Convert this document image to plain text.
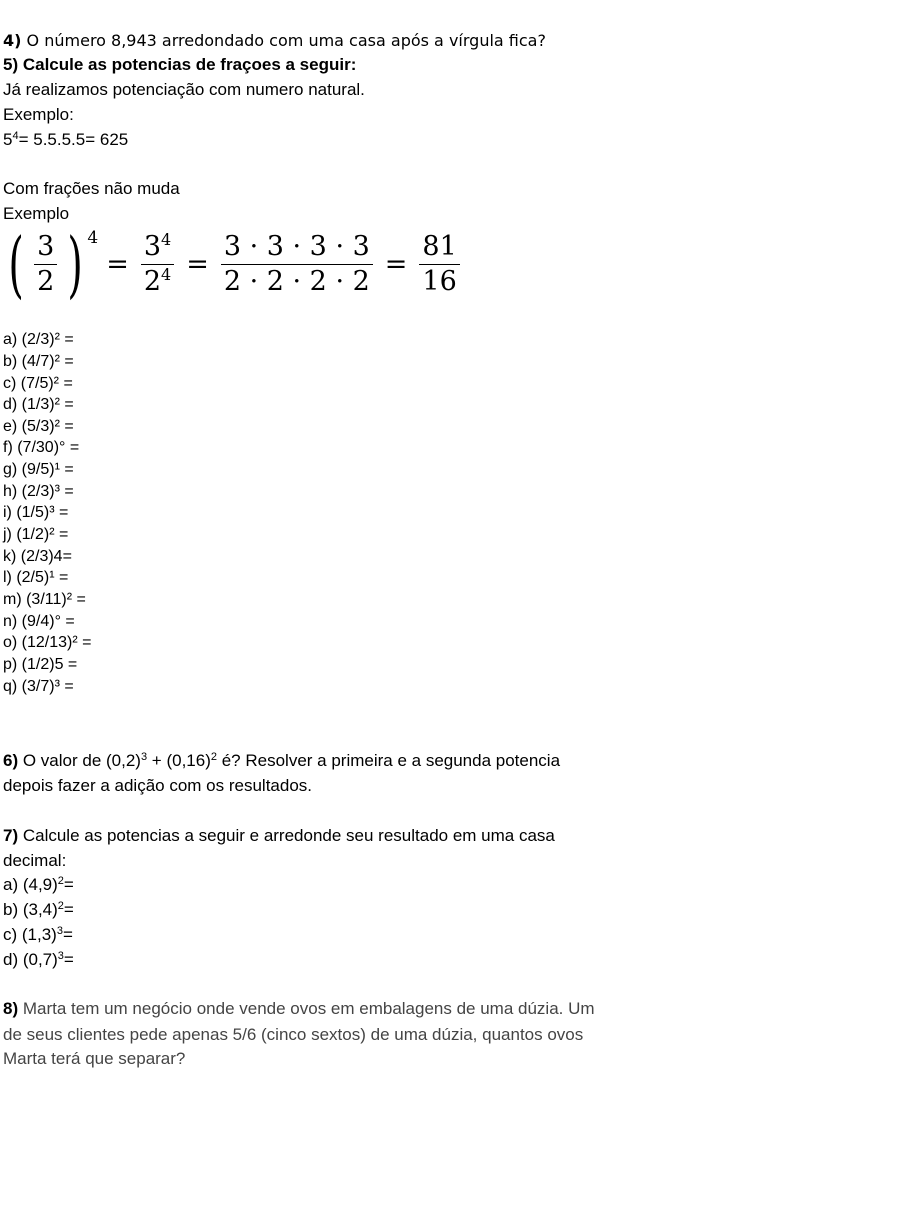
4) O número 8,943 arredondado com uma casa após a vírgula fica?
5) Calcule as potencias de fraçoes a seguir:
Já realizamos potenciação com numero natural.
Exemplo:
$5^4= 5.5.5.5= 625$
Com frações não muda
Exemplo
( $\frac{3}{2}$ ) 4
= $\frac{3^4}{2^4} = \frac{3 \cdot 3 \cdot 3 \cdot 3}{2 \cdot 2 \cdot 2 \cdot 2} = \frac{81}{16}$
a) (2/3)² =
b) (4/7)² =
c) (7/5)² =
d) (1/3)² =
e) (5/3)² =
f) (7/30)° =
g) (9/5)¹ =
h) (2/3)³ =
i) (1/5)³ =
j) (1/2)² =
k) (2/3)4=
l) (2/5)¹ =
m) (3/11)² =
n) (9/4)° =
o) (12/13)² =
p) (1/2)5 =
q) (3/7)³ =
6) O valor de $(0,2)^3 + (0,16)^2$ é? Resolver a primeira e a segunda potencia
depois fazer a adição com os resultados.
7) Calcule as potencias a seguir e arredonde seu resultado em uma casa
decimal:
a) $(4,9)^2=$
b) $(3,4)^2=$
c) $(1,3)^3=$
d) $(0,7)^3=$
8) Marta tem um negócio onde vende ovos em embalagens de uma dúzia. Um
de seus clientes pede apenas 5/6 (cinco sextos) de uma dúzia, quantos ovos
Marta terá que separar?
